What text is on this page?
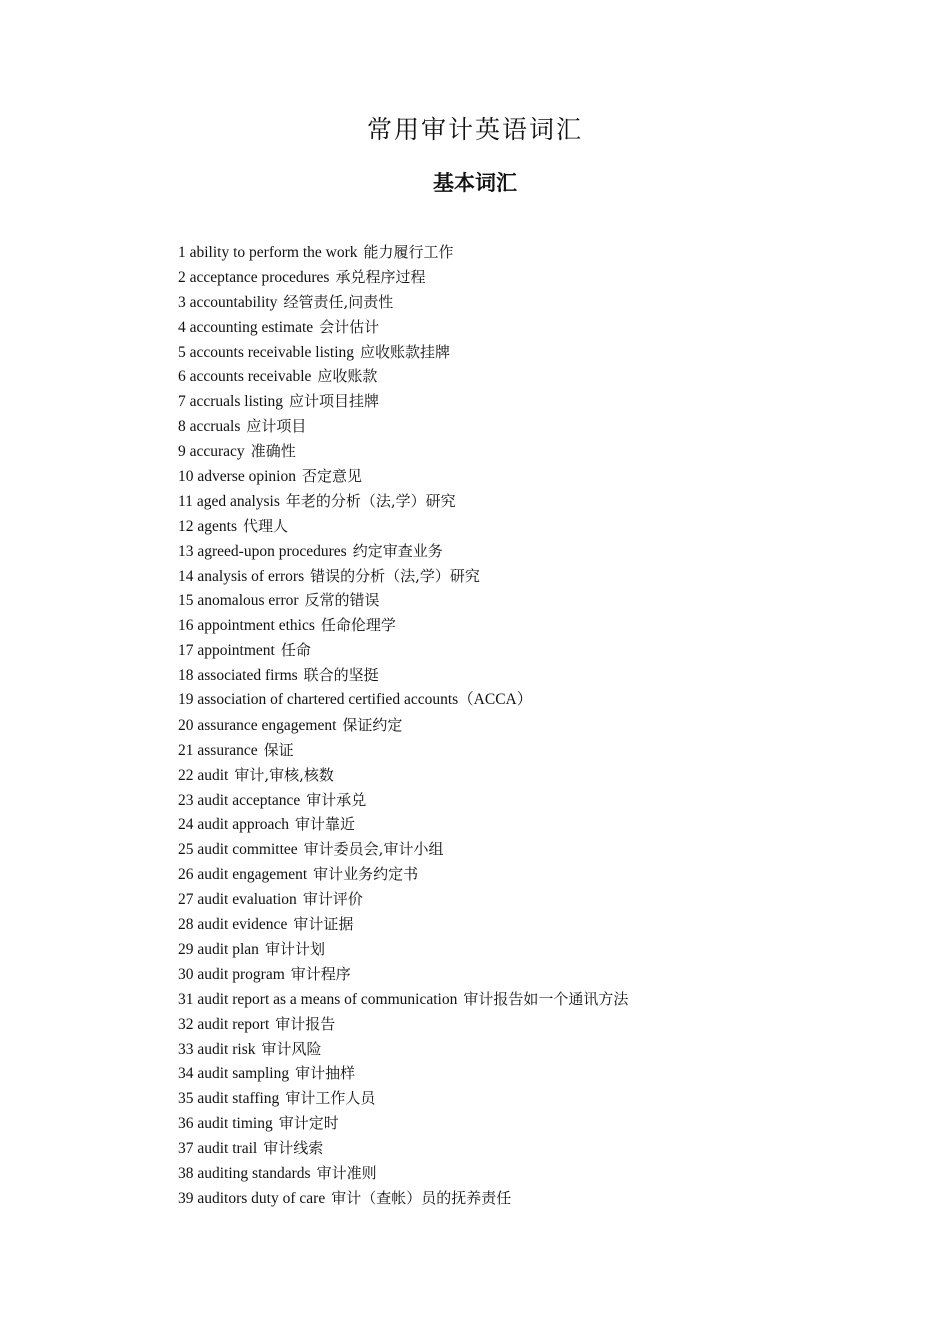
常用审计英语词汇
基本词汇
1 ability to perform the work 能力履行工作
2 acceptance procedures 承兑程序过程
3 accountability 经管责任,问责性
4 accounting estimate 会计估计
5 accounts receivable listing 应收账款挂牌
6 accounts receivable 应收账款
7 accruals listing 应计项目挂牌
8 accruals 应计项目
9 accuracy 准确性
10 adverse opinion 否定意见
11 aged analysis 年老的分析（法,学）研究
12 agents 代理人
13 agreed-upon procedures 约定审查业务
14 analysis of errors 错误的分析（法,学）研究
15 anomalous error 反常的错误
16 appointment ethics 任命伦理学
17 appointment 任命
18 associated firms 联合的坚挺
19 association of chartered certified accounts（ACCA）
20 assurance engagement 保证约定
21 assurance 保证
22 audit 审计,审核,核数
23 audit acceptance 审计承兑
24 audit approach 审计靠近
25 audit committee 审计委员会,审计小组
26 audit engagement 审计业务约定书
27 audit evaluation 审计评价
28 audit evidence 审计证据
29 audit plan 审计计划
30 audit program 审计程序
31 audit report as a means of communication 审计报告如一个通讯方法
32 audit report 审计报告
33 audit risk 审计风险
34 audit sampling 审计抽样
35 audit staffing 审计工作人员
36 audit timing 审计定时
37 audit trail 审计线索
38 auditing standards 审计准则
39 auditors duty of care 审计（查帐）员的抚养责任
